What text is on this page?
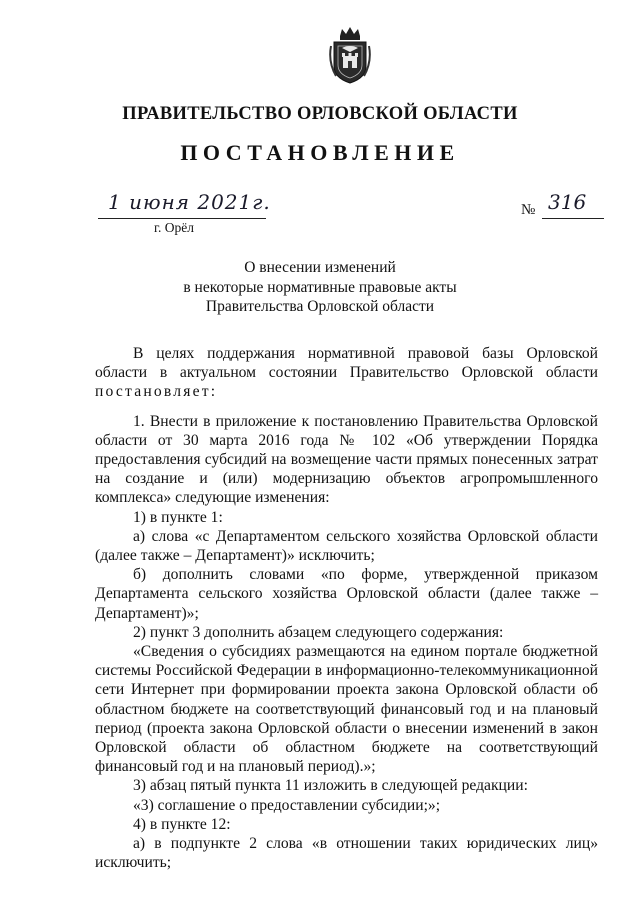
ПРАВИТЕЛЬСТВО ОРЛОВСКОЙ ОБЛАСТИ
ПОСТАНОВЛЕНИЕ
1 июня 2021г.
г. Орёл
№ 316
О внесении изменений
в некоторые нормативные правовые акты
Правительства Орловской области

В целях поддержания нормативной правовой базы Орловской области в актуальном состоянии Правительство Орловской области постановляет:

1. Внести в приложение к постановлению Правительства Орловской области от 30 марта 2016 года № 102 «Об утверждении Порядка предоставления субсидий на возмещение части прямых понесенных затрат на создание и (или) модернизацию объектов агропромышленного комплекса» следующие изменения:

1) в пункте 1:

а) слова «с Департаментом сельского хозяйства Орловской области (далее также – Департамент)» исключить;

б) дополнить словами «по форме, утвержденной приказом Департамента сельского хозяйства Орловской области (далее также – Департамент)»;

2) пункт 3 дополнить абзацем следующего содержания:

«Сведения о субсидиях размещаются на едином портале бюджетной системы Российской Федерации в информационно-телекоммуникационной сети Интернет при формировании проекта закона Орловской области об областном бюджете на соответствующий финансовый год и на плановый период (проекта закона Орловской области о внесении изменений в закон Орловской области об областном бюджете на соответствующий финансовый год и на плановый период).»;

3) абзац пятый пункта 11 изложить в следующей редакции:

«3) соглашение о предоставлении субсидии;»;

4) в пункте 12:

а) в подпункте 2 слова «в отношении таких юридических лиц» исключить;
